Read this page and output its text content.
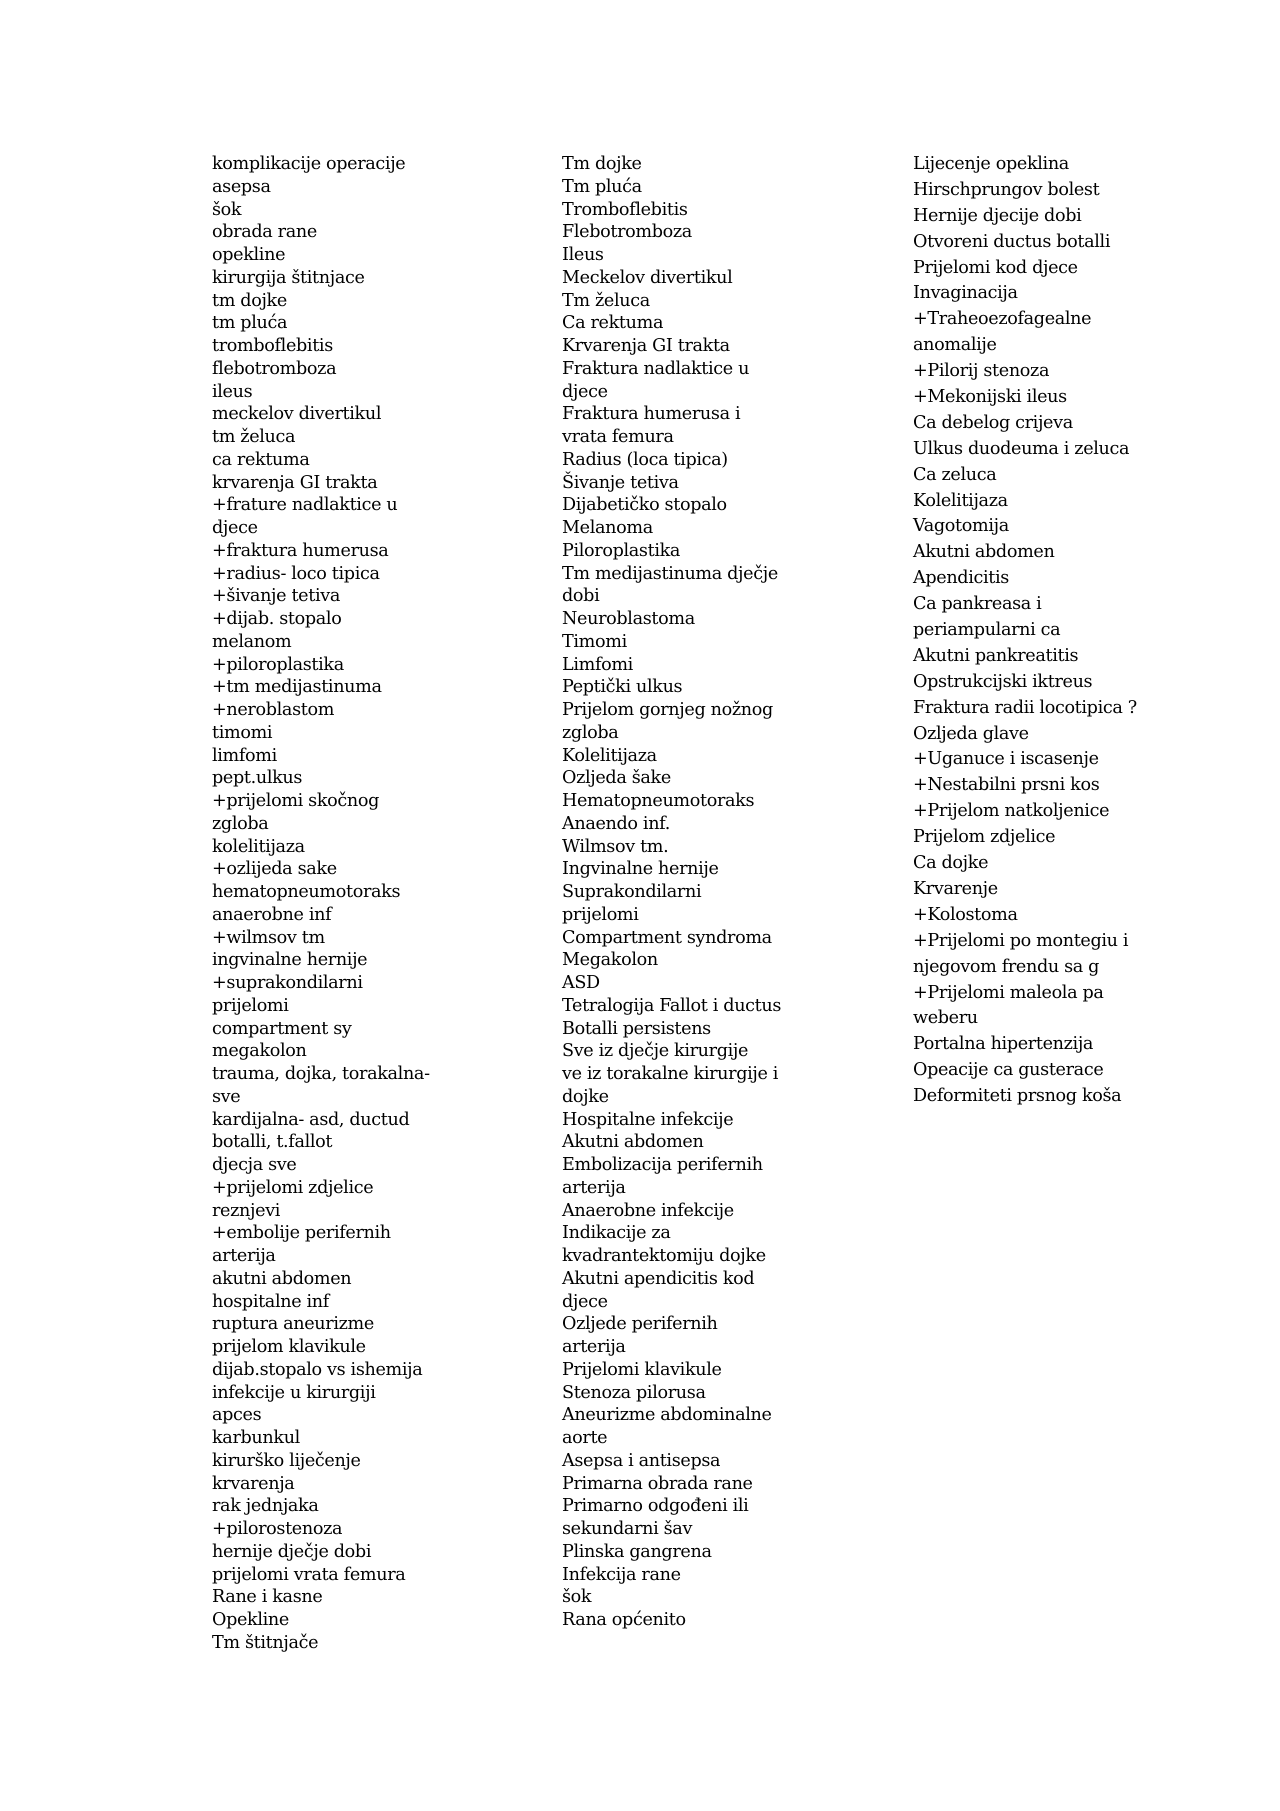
komplikacije operacije
asepsa
šok
obrada rane
opekline
kirurgija štitnjace
tm dojke
tm pluća
tromboflebitis
flebotromboza
ileus
meckelov divertikul
tm želuca
ca rektuma
krvarenja GI trakta
+frature nadlaktice u
djece
+fraktura humerusa
+radius- loco tipica
+šivanje tetiva
+dijab. stopalo
melanom
+piloroplastika
+tm medijastinuma
+neroblastom
timomi
limfomi
pept.ulkus
+prijelomi skočnog
zgloba
kolelitijaza
+ozlijeda sake
hematopneumotoraks
anaerobne inf
+wilmsov tm
ingvinalne hernije
+suprakondilarni
prijelomi
compartment sy
megakolon
trauma, dojka, torakalna-
sve
kardijalna- asd, ductud
botalli, t.fallot
djecja sve
+prijelomi zdjelice
reznjevi
+embolije perifernih
arterija
akutni abdomen
hospitalne inf
ruptura aneurizme
prijelom klavikule
dijab.stopalo vs ishemija
infekcije u kirurgiji
apces
karbunkul
kirurško liječenje
krvarenja
rak jednjaka
+pilorostenoza
hernije dječje dobi
prijelomi vrata femura
Rane i kasne
Opekline
Tm štitnjače
Tm dojke
Tm pluća
Tromboflebitis
Flebotromboza
Ileus
Meckelov divertikul
Tm želuca
Ca rektuma
Krvarenja GI trakta
Fraktura nadlaktice u
djece
Fraktura humerusa i
vrata femura
Radius (loca tipica)
Šivanje tetiva
Dijabetičko stopalo
Melanoma
Piloroplastika
Tm medijastinuma dječje
dobi
Neuroblastoma
Timomi
Limfomi
Peptički ulkus
Prijelom gornjeg nožnog
zgloba
Kolelitijaza
Ozljeda šake
Hematopneumotoraks
Anaendo inf.
Wilmsov tm.
Ingvinalne hernije
Suprakondilarni
prijelomi
Compartment syndroma
Megakolon
ASD
Tetralogija Fallot i ductus
Botalli persistens
Sve iz dječje kirurgije
ve iz torakalne kirurgije i
dojke
Hospitalne infekcije
Akutni abdomen
Embolizacija perifernih
arterija
Anaerobne infekcije
Indikacije za
kvadrantektomiju dojke
Akutni apendicitis kod
djece
Ozljede perifernih
arterija
Prijelomi klavikule
Stenoza pilorusa
Aneurizme abdominalne
aorte
Asepsa i antisepsa
Primarna obrada rane
Primarno odgođeni ili
sekundarni šav
Plinska gangrena
Infekcija rane
šok
Rana općenito
Lijecenje opeklina
Hirschprungov bolest
Hernije djecije dobi
Otvoreni ductus botalli
Prijelomi kod djece
Invaginacija
+Traheoezofagealne
anomalije
+Pilorij stenoza
+Mekonijski ileus
Ca debelog crijeva
Ulkus duodeuma i zeluca
Ca zeluca
Kolelitijaza
Vagotomija
Akutni abdomen
Apendicitis
Ca pankreasa i
periampularni ca
Akutni pankreatitis
Opstrukcijski iktreus
Fraktura radii locotipica ?
Ozljeda glave
+Uganuce i iscasenje
+Nestabilni prsni kos
+Prijelom natkoljenice
Prijelom zdjelice
Ca dojke
Krvarenje
+Kolostoma
+Prijelomi po montegiu i
njegovom frendu sa g
+Prijelomi maleola pa
weberu
Portalna hipertenzija
Opeacije ca gusterace
Deformiteti prsnog koša
